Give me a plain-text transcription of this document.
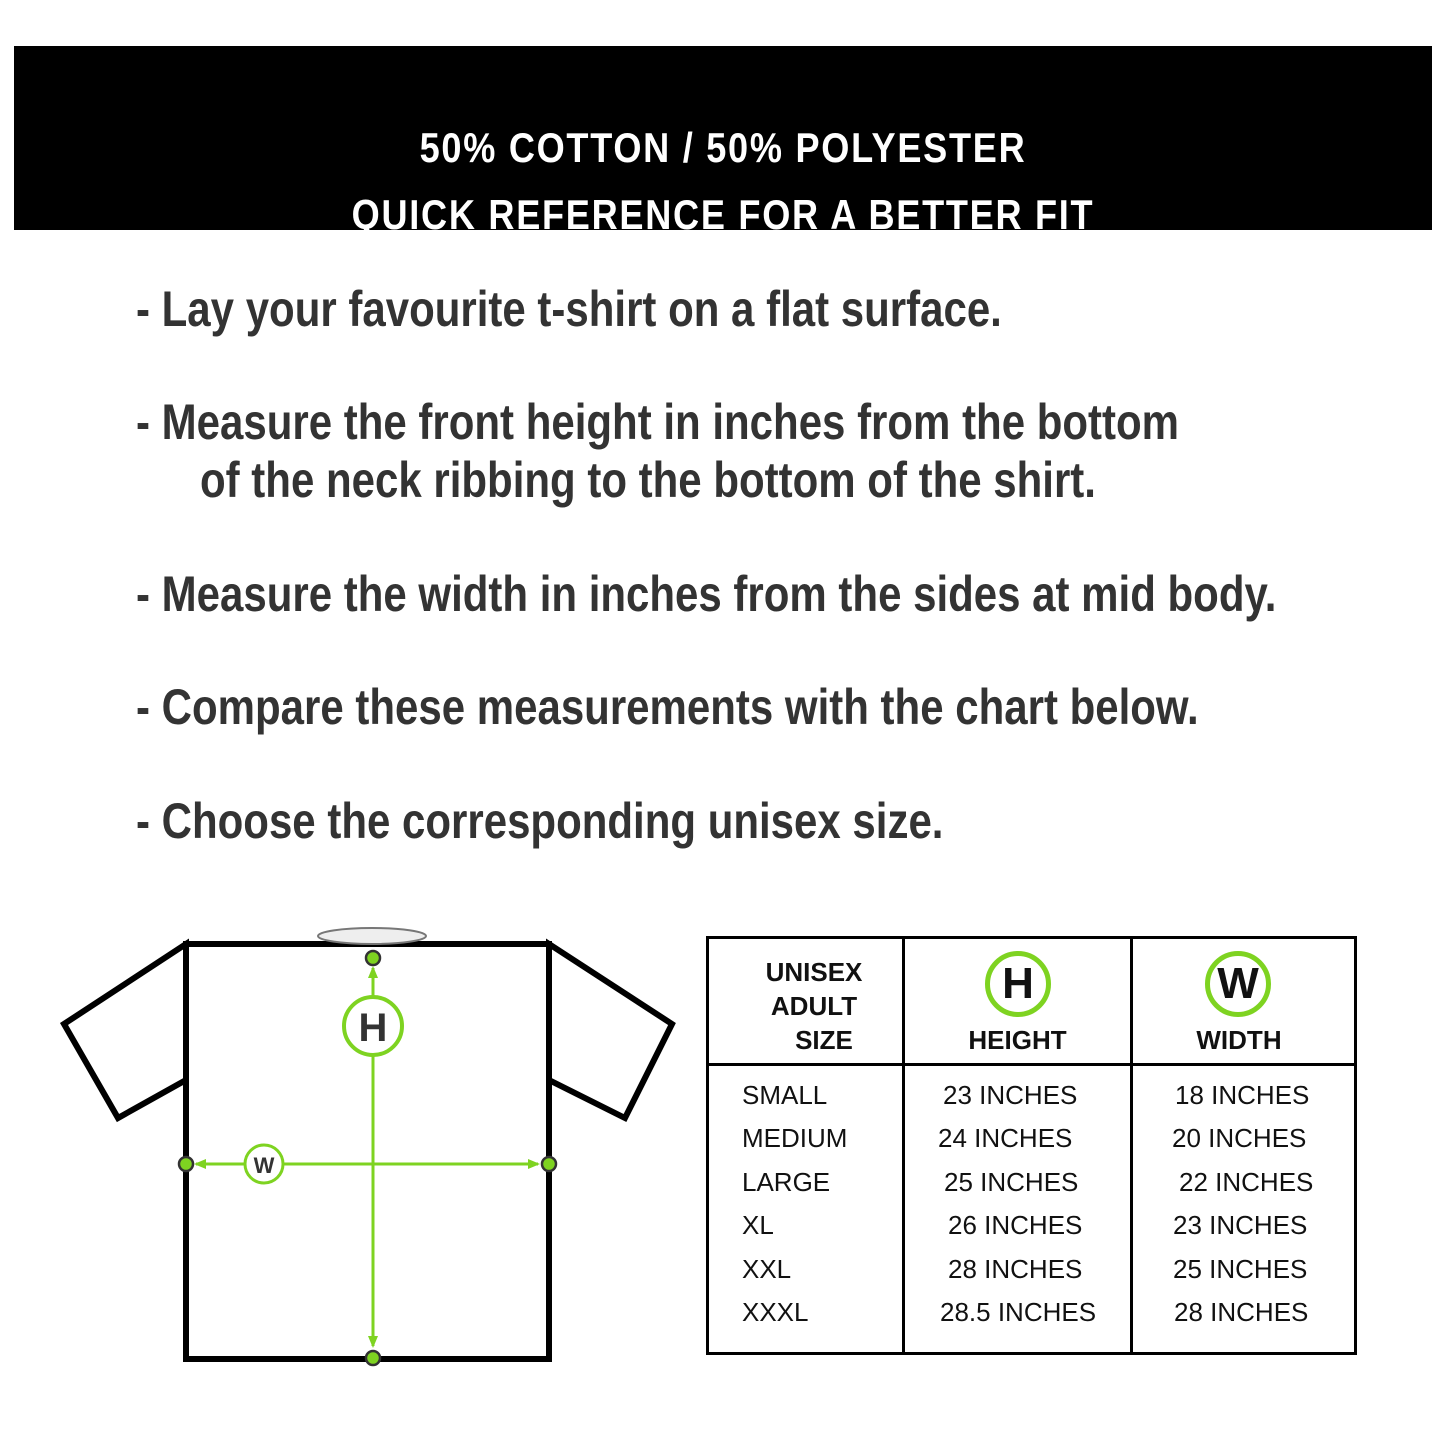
50% COTTON / 50% POLYESTER
QUICK REFERENCE FOR A BETTER FIT
- Lay your favourite t-shirt on a flat surface.
- Measure the front height in inches from the bottom
of the neck ribbing to the bottom of the shirt.
- Measure the width in inches from the sides at mid body.
- Compare these measurements with the chart below.
- Choose the corresponding unisex size.
H
W
UNISEX
ADULT
SIZE
H
HEIGHT
W
WIDTH
SMALL	23 INCHES	18 INCHES
MEDIUM	24 INCHES	20 INCHES
LARGE	25 INCHES	22 INCHES
XL	26 INCHES	23 INCHES
XXL	28 INCHES	25 INCHES
XXXL	28.5 INCHES	28 INCHES
